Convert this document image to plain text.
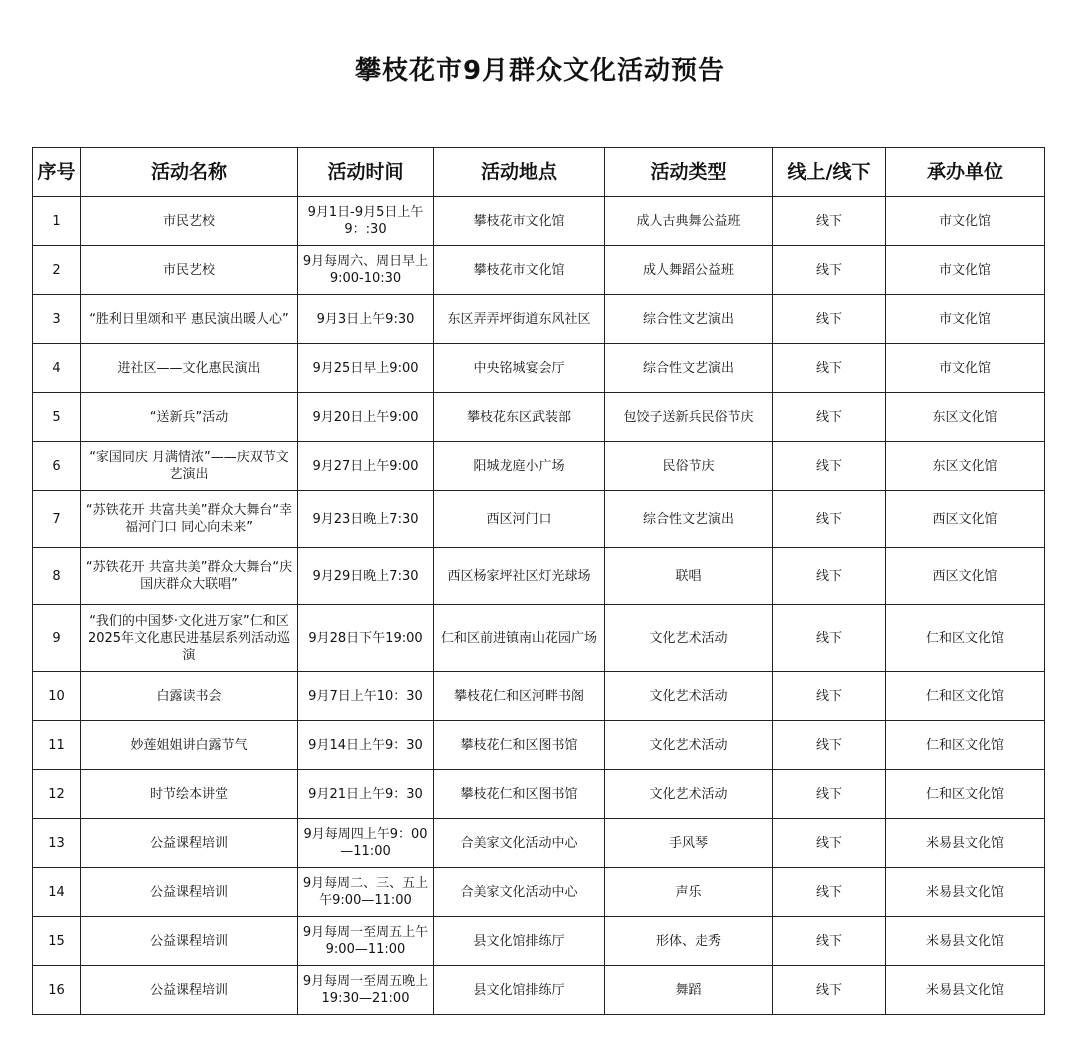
攀枝花市9月群众文化活动预告
序号	活动名称	活动时间	活动地点	活动类型	线上/线下	承办单位
1	市民艺校	9月1日-9月5日上午9：:30	攀枝花市文化馆	成人古典舞公益班	线下	市文化馆
2	市民艺校	9月每周六、周日早上9:00-10:30	攀枝花市文化馆	成人舞蹈公益班	线下	市文化馆
3	“胜利日里颂和平 惠民演出暖人心”	9月3日上午9:30	东区弄弄坪街道东风社区	综合性文艺演出	线下	市文化馆
4	进社区——文化惠民演出	9月25日早上9:00	中央铭城宴会厅	综合性文艺演出	线下	市文化馆
5	“送新兵”活动	9月20日上午9:00	攀枝花东区武装部	包饺子送新兵民俗节庆	线下	东区文化馆
6	“家国同庆 月满情浓”——庆双节文艺演出	9月27日上午9:00	阳城龙庭小广场	民俗节庆	线下	东区文化馆
7	“苏铁花开 共富共美”群众大舞台“幸福河门口 同心向未来”	9月23日晚上7:30	西区河门口	综合性文艺演出	线下	西区文化馆
8	“苏铁花开 共富共美”群众大舞台“庆国庆群众大联唱”	9月29日晚上7:30	西区杨家坪社区灯光球场	联唱	线下	西区文化馆
9	“我们的中国梦·文化进万家”仁和区2025年文化惠民进基层系列活动巡演	9月28日下午19:00	仁和区前进镇南山花园广场	文化艺术活动	线下	仁和区文化馆
10	白露读书会	9月7日上午10：30	攀枝花仁和区河畔书阁	文化艺术活动	线下	仁和区文化馆
11	妙莲姐姐讲白露节气	9月14日上午9：30	攀枝花仁和区图书馆	文化艺术活动	线下	仁和区文化馆
12	时节绘本讲堂	9月21日上午9：30	攀枝花仁和区图书馆	文化艺术活动	线下	仁和区文化馆
13	公益课程培训	9月每周四上午9：00—11:00	合美家文化活动中心	手风琴	线下	米易县文化馆
14	公益课程培训	9月每周二、三、五上午9:00—11:00	合美家文化活动中心	声乐	线下	米易县文化馆
15	公益课程培训	9月每周一至周五上午9:00—11:00	县文化馆排练厅	形体、走秀	线下	米易县文化馆
16	公益课程培训	9月每周一至周五晚上19:30—21:00	县文化馆排练厅	舞蹈	线下	米易县文化馆
